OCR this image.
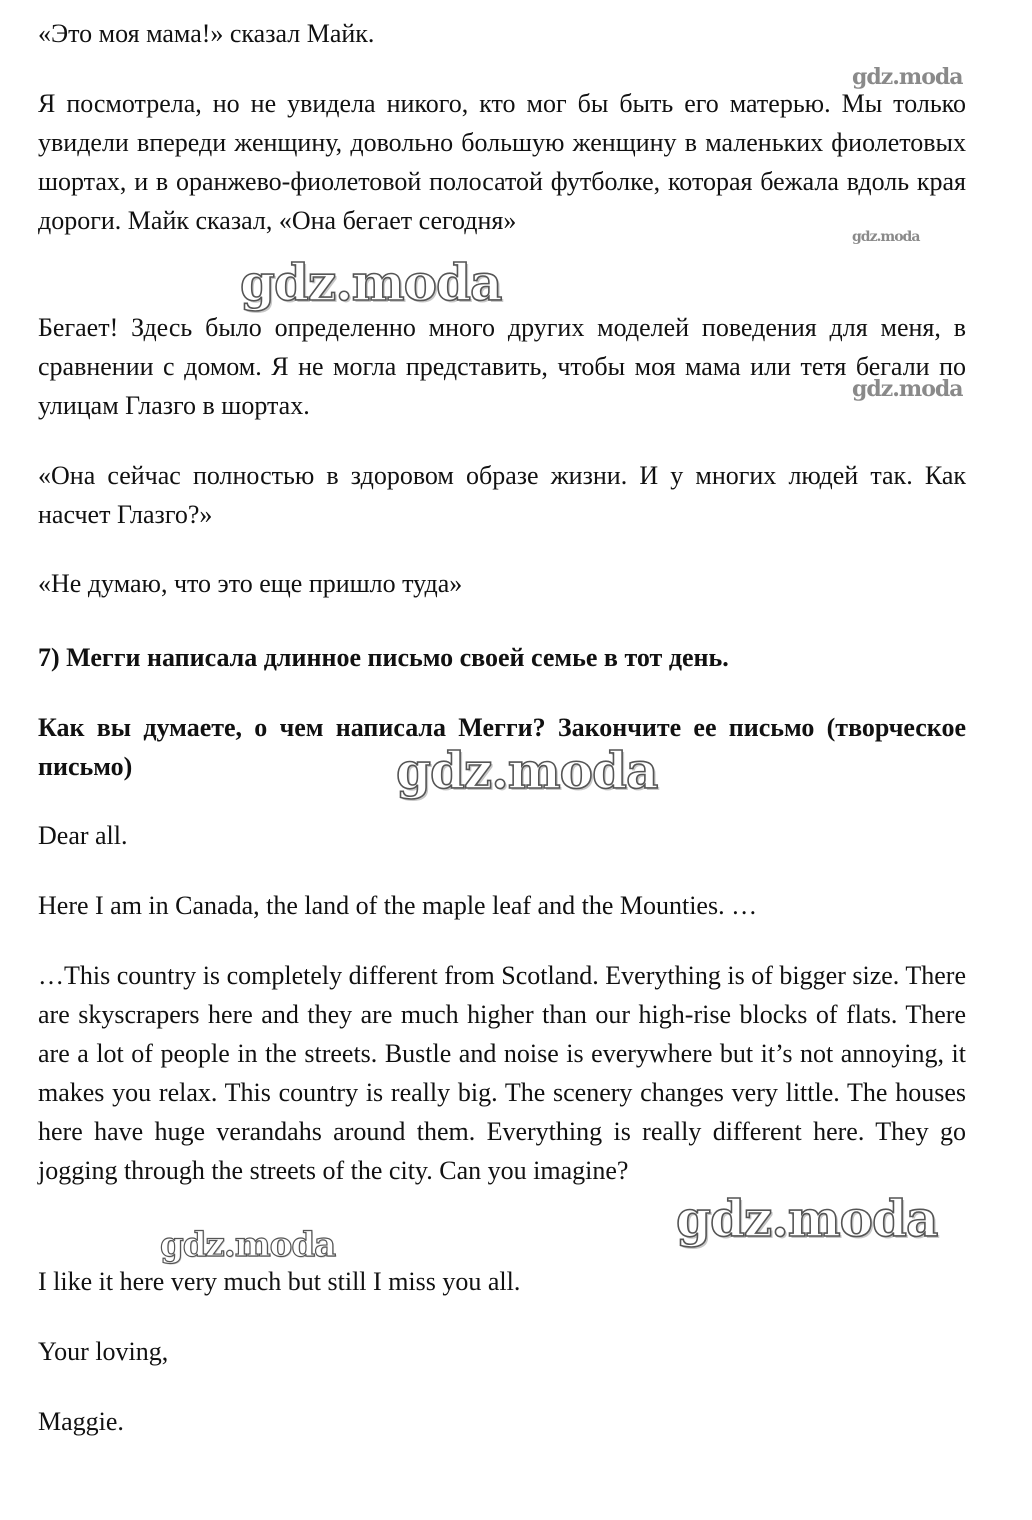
«Это моя мама!» сказал Майк.

Я посмотрела, но не увидела никого, кто мог бы быть его матерью. Мы только увидели впереди женщину, довольно большую женщину в маленьких фиолетовых шортах, и в оранжево-фиолетовой полосатой футболке, которая бежала вдоль края дороги. Майк сказал, «Она бегает сегодня»

Бегает! Здесь было определенно много других моделей поведения для меня, в сравнении с домом. Я не могла представить, чтобы моя мама или тетя бегали по улицам Глазго в шортах.

«Она сейчас полностью в здоровом образе жизни. И у многих людей так. Как насчет Глазго?»

«Не думаю, что это еще пришло туда»

7) Мегги написала длинное письмо своей семье в тот день.

Как вы думаете, о чем написала Мегги? Закончите ее письмо (творческое письмо)

Dear all.

Here I am in Canada, the land of the maple leaf and the Mounties. …

…This country is completely different from Scotland. Everything is of bigger size. There are skyscrapers here and they are much higher than our high-rise blocks of flats. There are a lot of people in the streets. Bustle and noise is everywhere but it’s not annoying, it makes you relax. This country is really big. The scenery changes very little. The houses here have huge verandahs around them. Everything is really different here. They go jogging through the streets of the city. Can you imagine?

I like it here very much but still I miss you all.

Your loving,

Maggie.

gdz.moda
gdz.moda
gdz.moda
gdz.moda
gdz.moda
gdz.moda
gdz.moda
